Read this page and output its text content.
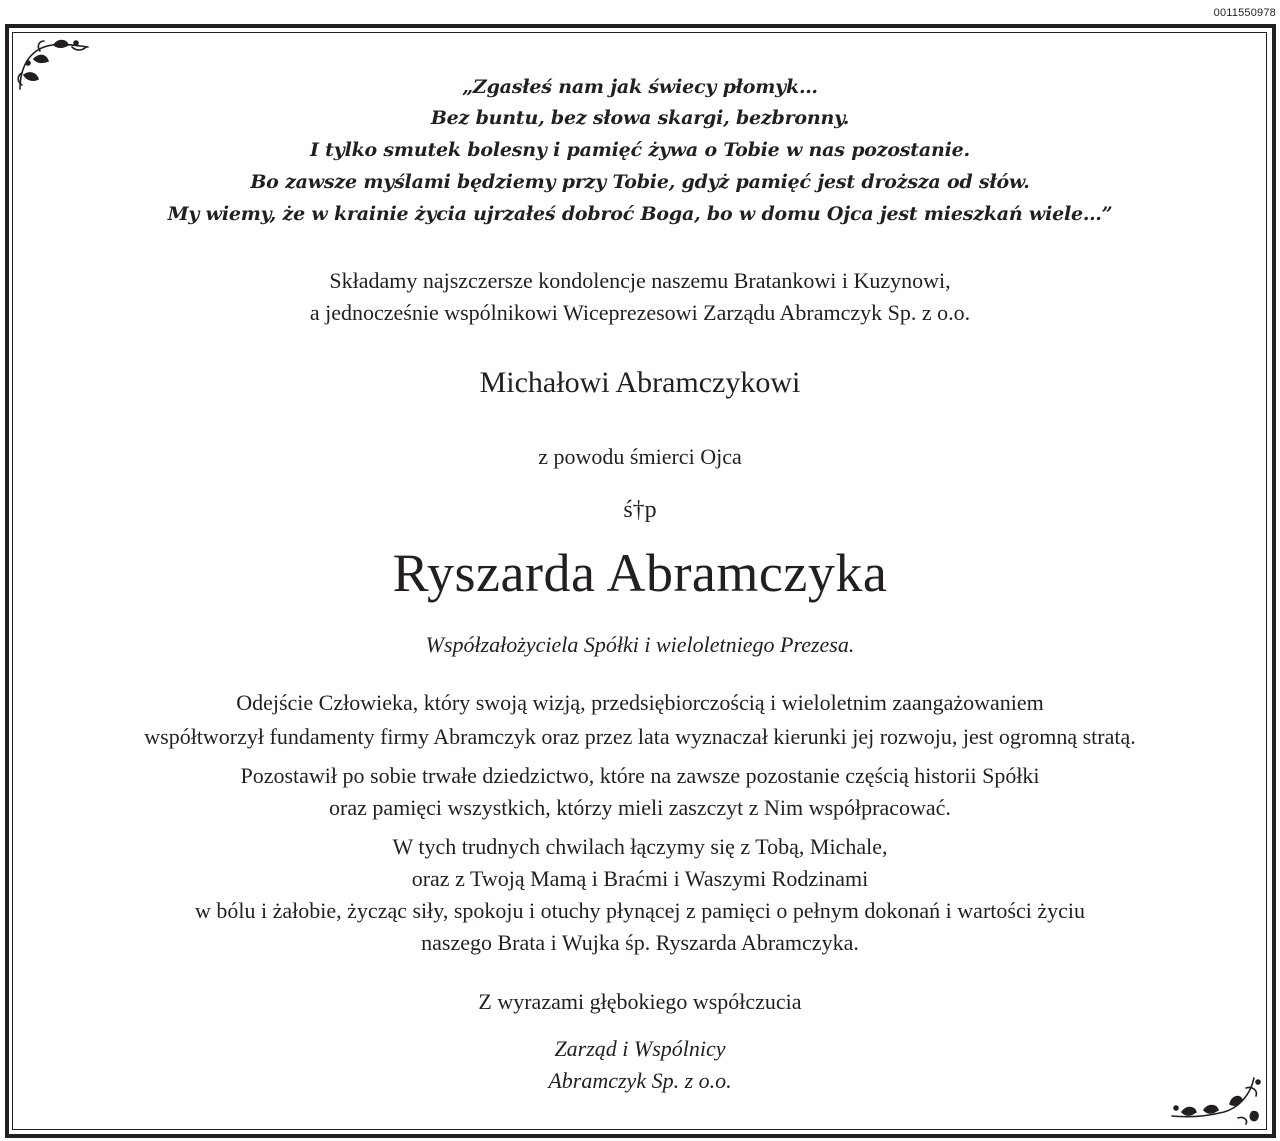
0011550978
„Zgasłeś nam jak świecy płomyk…
Bez buntu, bez słowa skargi, bezbronny.
I tylko smutek bolesny i pamięć żywa o Tobie w nas pozostanie.
Bo zawsze myślami będziemy przy Tobie, gdyż pamięć jest droższa od słów.
My wiemy, że w krainie życia ujrzałeś dobroć Boga, bo w domu Ojca jest mieszkań wiele…”
Składamy najszczersze kondolencje naszemu Bratankowi i Kuzynowi,
a jednocześnie wspólnikowi Wiceprezesowi Zarządu Abramczyk Sp. z o.o.
Michałowi Abramczykowi
z powodu śmierci Ojca
ś†p
Ryszarda Abramczyka
Współzałożyciela Spółki i wieloletniego Prezesa.
Odejście Człowieka, który swoją wizją, przedsiębiorczością i wieloletnim zaangażowaniem
współtworzył fundamenty firmy Abramczyk oraz przez lata wyznaczał kierunki jej rozwoju, jest ogromną stratą.
Pozostawił po sobie trwałe dziedzictwo, które na zawsze pozostanie częścią historii Spółki
oraz pamięci wszystkich, którzy mieli zaszczyt z Nim współpracować.
W tych trudnych chwilach łączymy się z Tobą, Michale,
oraz z Twoją Mamą i Braćmi i Waszymi Rodzinami
w bólu i żałobie, życząc siły, spokoju i otuchy płynącej z pamięci o pełnym dokonań i wartości życiu
naszego Brata i Wujka śp. Ryszarda Abramczyka.
Z wyrazami głębokiego współczucia
Zarząd i Wspólnicy
Abramczyk Sp. z o.o.
